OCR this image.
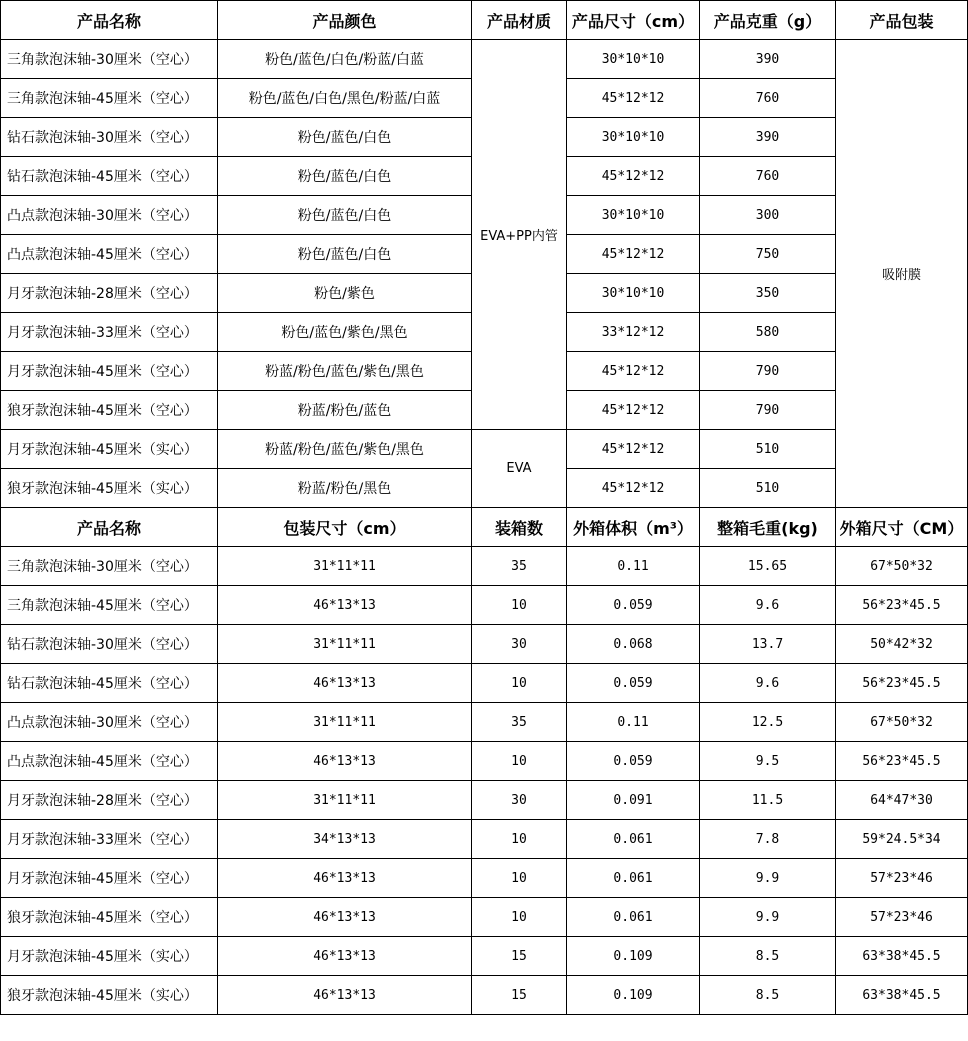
产品名称	产品颜色	产品材质	产品尺寸（cm）	产品克重（g）	产品包装
三角款泡沫轴-30厘米（空心）	粉色/蓝色/白色/粉蓝/白蓝	EVA+PP内管	30*10*10	390	吸附膜
三角款泡沫轴-45厘米（空心）	粉色/蓝色/白色/黑色/粉蓝/白蓝		45*12*12	760	
钻石款泡沫轴-30厘米（空心）	粉色/蓝色/白色		30*10*10	390	
钻石款泡沫轴-45厘米（空心）	粉色/蓝色/白色		45*12*12	760	
凸点款泡沫轴-30厘米（空心）	粉色/蓝色/白色		30*10*10	300	
凸点款泡沫轴-45厘米（空心）	粉色/蓝色/白色		45*12*12	750	
月牙款泡沫轴-28厘米（空心）	粉色/紫色		30*10*10	350	
月牙款泡沫轴-33厘米（空心）	粉色/蓝色/紫色/黑色		33*12*12	580	
月牙款泡沫轴-45厘米（空心）	粉蓝/粉色/蓝色/紫色/黑色		45*12*12	790	
狼牙款泡沫轴-45厘米（空心）	粉蓝/粉色/蓝色		45*12*12	790	
月牙款泡沫轴-45厘米（实心）	粉蓝/粉色/蓝色/紫色/黑色	EVA	45*12*12	510	
狼牙款泡沫轴-45厘米（实心）	粉蓝/粉色/黑色		45*12*12	510	
产品名称	包装尺寸（cm）	装箱数	外箱体积（m³）	整箱毛重(kg)	外箱尺寸（CM）
三角款泡沫轴-30厘米（空心）	31*11*11	35	0.11	15.65	67*50*32
三角款泡沫轴-45厘米（空心）	46*13*13	10	0.059	9.6	56*23*45.5
钻石款泡沫轴-30厘米（空心）	31*11*11	30	0.068	13.7	50*42*32
钻石款泡沫轴-45厘米（空心）	46*13*13	10	0.059	9.6	56*23*45.5
凸点款泡沫轴-30厘米（空心）	31*11*11	35	0.11	12.5	67*50*32
凸点款泡沫轴-45厘米（空心）	46*13*13	10	0.059	9.5	56*23*45.5
月牙款泡沫轴-28厘米（空心）	31*11*11	30	0.091	11.5	64*47*30
月牙款泡沫轴-33厘米（空心）	34*13*13	10	0.061	7.8	59*24.5*34
月牙款泡沫轴-45厘米（空心）	46*13*13	10	0.061	9.9	57*23*46
狼牙款泡沫轴-45厘米（空心）	46*13*13	10	0.061	9.9	57*23*46
月牙款泡沫轴-45厘米（实心）	46*13*13	15	0.109	8.5	63*38*45.5
狼牙款泡沫轴-45厘米（实心）	46*13*13	15	0.109	8.5	63*38*45.5
